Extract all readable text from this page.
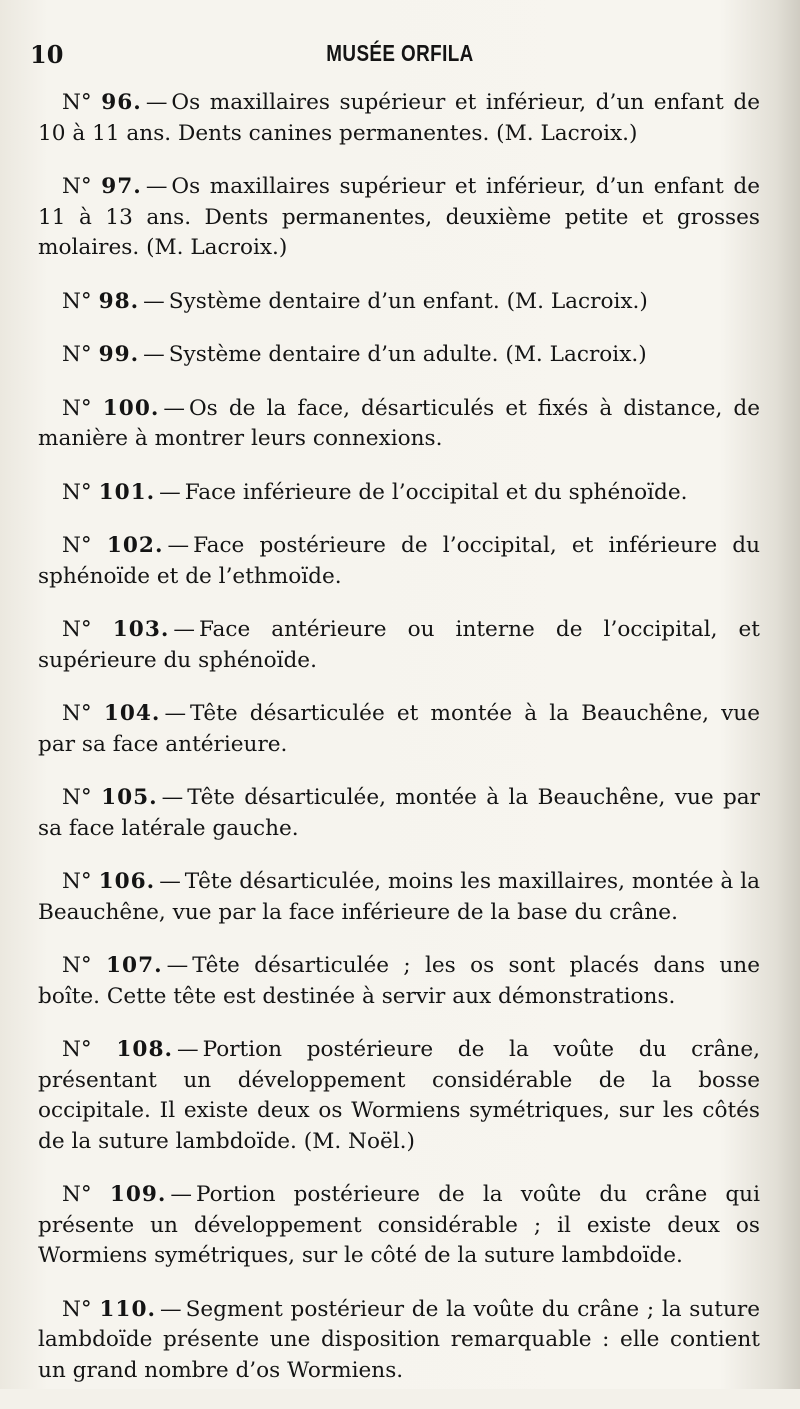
10	MUSÉE ORFILA

N° 96. — Os maxillaires supérieur et inférieur, d’un enfant de 10 à 11 ans. Dents canines permanentes. (M. Lacroix.)

N° 97. — Os maxillaires supérieur et inférieur, d’un enfant de 11 à 13 ans. Dents permanentes, deuxième petite et grosses molaires. (M. Lacroix.)

N° 98. — Système dentaire d’un enfant. (M. Lacroix.)

N° 99. — Système dentaire d’un adulte. (M. Lacroix.)

N° 100. — Os de la face, désarticulés et fixés à distance, de manière à montrer leurs connexions.

N° 101. — Face inférieure de l’occipital et du sphénoïde.

N° 102. — Face postérieure de l’occipital, et inférieure du sphénoïde et de l’ethmoïde.

N° 103. — Face antérieure ou interne de l’occipital, et supérieure du sphénoïde.

N° 104. — Tête désarticulée et montée à la Beauchêne, vue par sa face antérieure.

N° 105. — Tête désarticulée, montée à la Beauchêne, vue par sa face latérale gauche.

N° 106. — Tête désarticulée, moins les maxillaires, montée à la Beauchêne, vue par la face inférieure de la base du crâne.

N° 107. — Tête désarticulée ; les os sont placés dans une boîte. Cette tête est destinée à servir aux démonstrations.

N° 108. — Portion postérieure de la voûte du crâne, présentant un développement considérable de la bosse occipitale. Il existe deux os Wormiens symétriques, sur les côtés de la suture lambdoïde. (M. Noël.)

N° 109. — Portion postérieure de la voûte du crâne qui présente un développement considérable ; il existe deux os Wormiens symétriques, sur le côté de la suture lambdoïde.

N° 110. — Segment postérieur de la voûte du crâne ; la suture lambdoïde présente une disposition remarquable : elle contient un grand nombre d’os Wormiens.
